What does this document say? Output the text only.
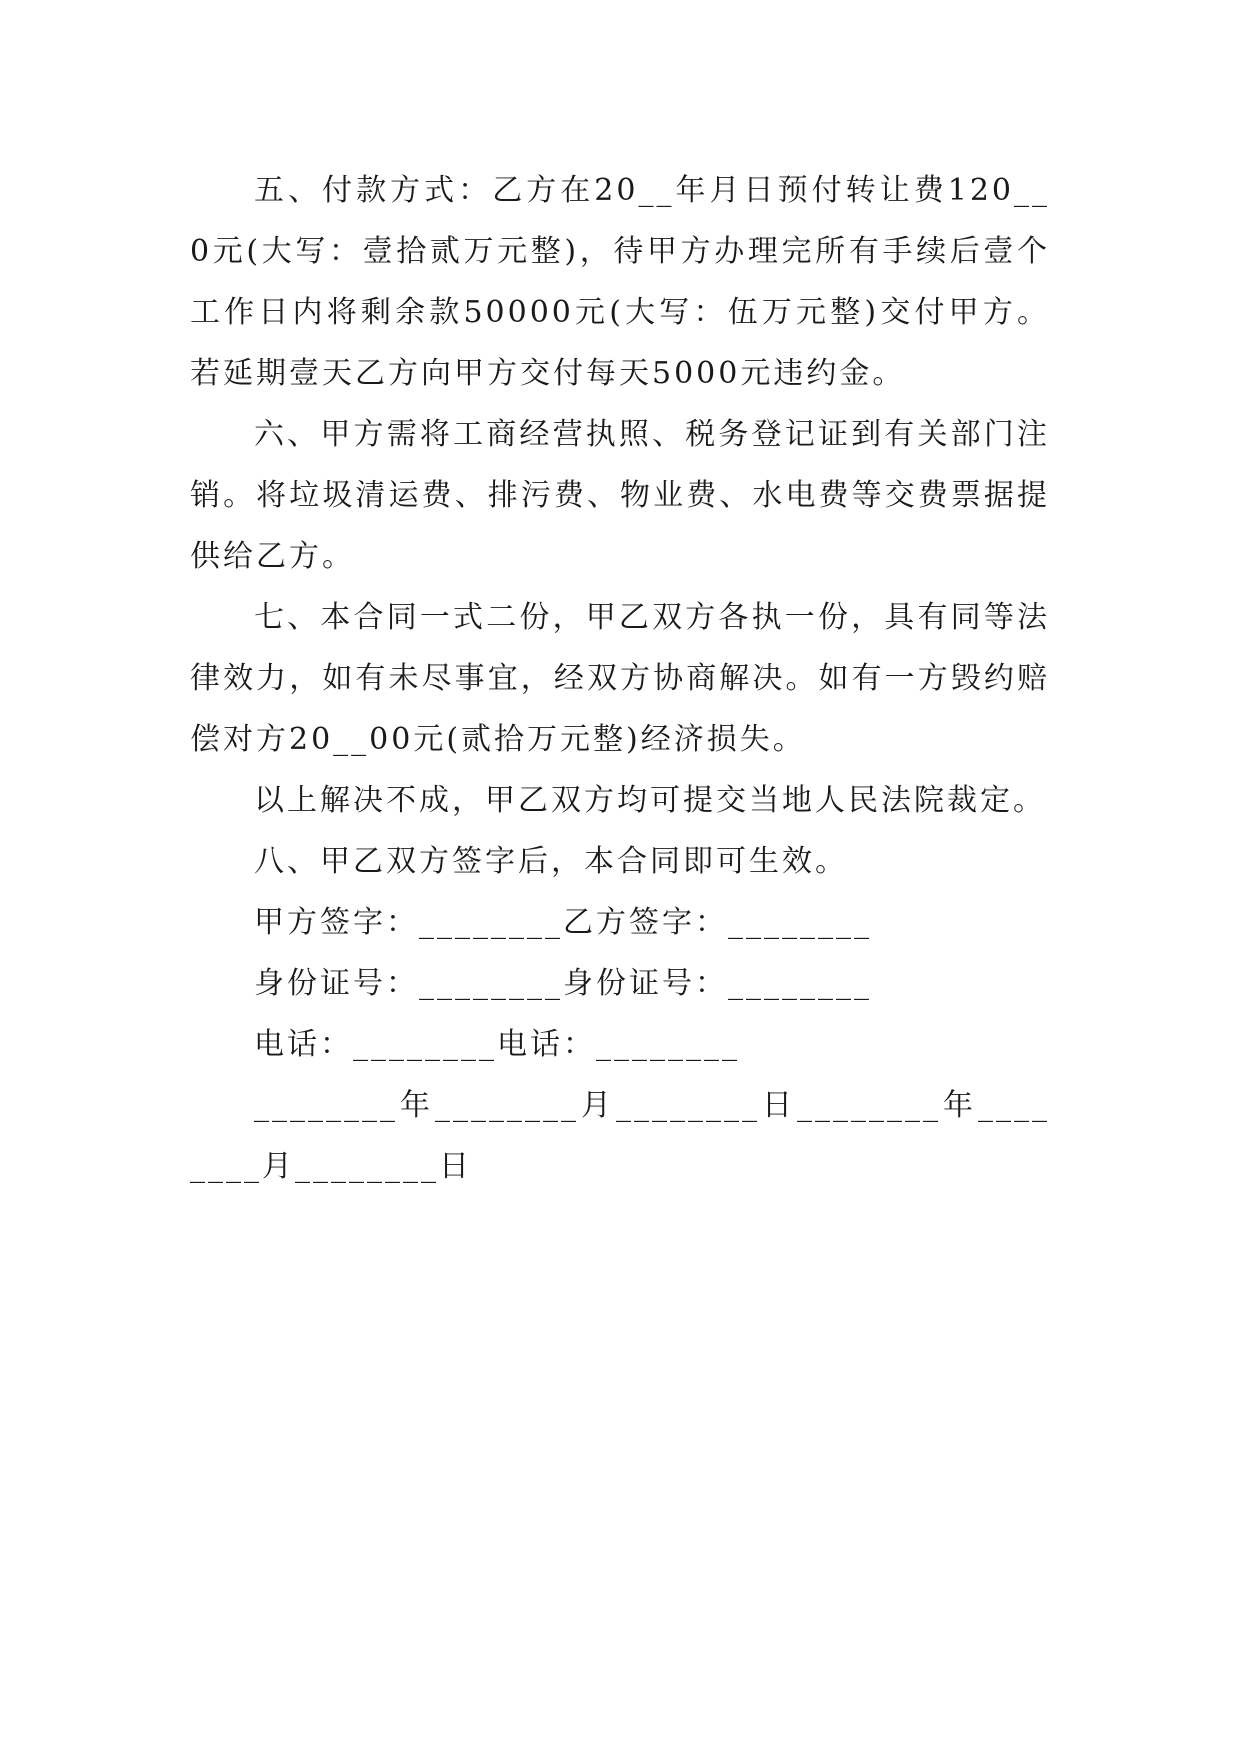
五、付款方式：乙方在20__年月日预付转让费120__0元(大写：壹拾贰万元整)，待甲方办理完所有手续后壹个工作日内将剩余款50000元(大写：伍万元整)交付甲方。若延期壹天乙方向甲方交付每天5000元违约金。

六、甲方需将工商经营执照、税务登记证到有关部门注销。将垃圾清运费、排污费、物业费、水电费等交费票据提供给乙方。

七、本合同一式二份，甲乙双方各执一份，具有同等法律效力，如有未尽事宜，经双方协商解决。如有一方毁约赔偿对方20__00元(贰拾万元整)经济损失。

以上解决不成，甲乙双方均可提交当地人民法院裁定。

八、甲乙双方签字后，本合同即可生效。

甲方签字：________乙方签字：________

身份证号：________身份证号：________

电话：________电话：________

________年________月________日________年________月________日
